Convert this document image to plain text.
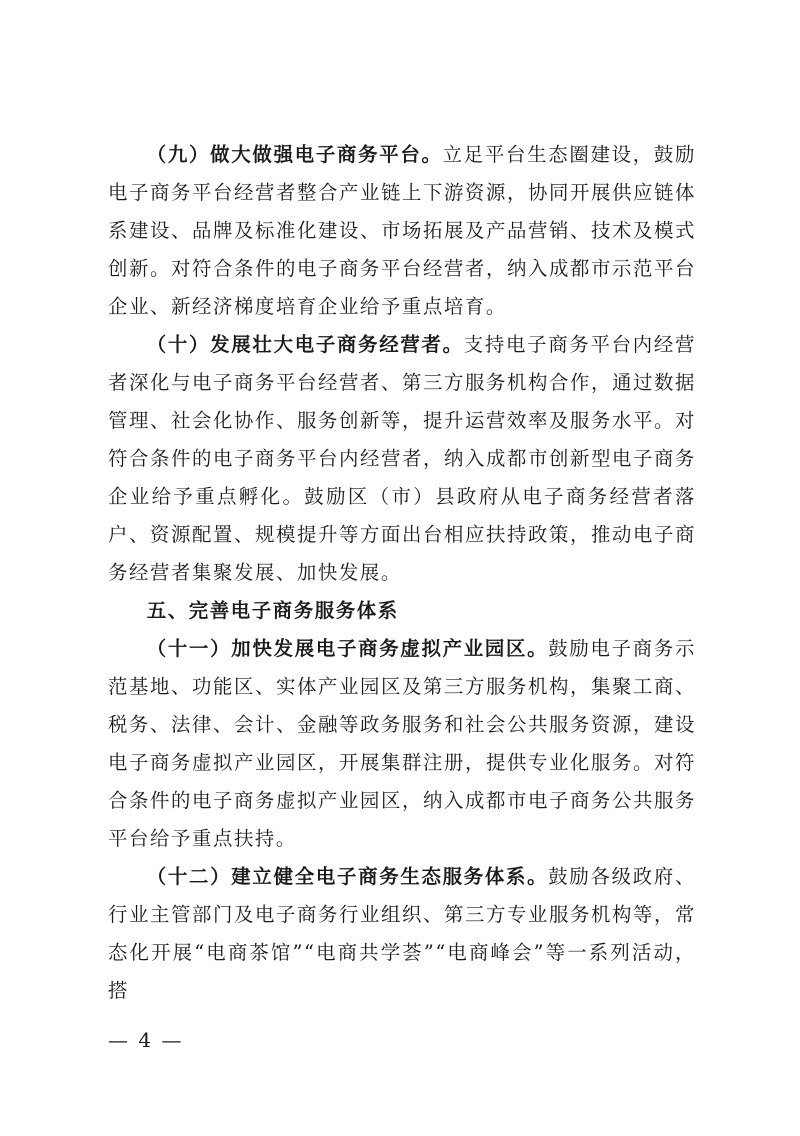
（九）做大做强电子商务平台。立足平台生态圈建设，鼓励电子商务平台经营者整合产业链上下游资源，协同开展供应链体系建设、品牌及标准化建设、市场拓展及产品营销、技术及模式创新。对符合条件的电子商务平台经营者，纳入成都市示范平台企业、新经济梯度培育企业给予重点培育。

（十）发展壮大电子商务经营者。支持电子商务平台内经营者深化与电子商务平台经营者、第三方服务机构合作，通过数据管理、社会化协作、服务创新等，提升运营效率及服务水平。对符合条件的电子商务平台内经营者，纳入成都市创新型电子商务企业给予重点孵化。鼓励区（市）县政府从电子商务经营者落户、资源配置、规模提升等方面出台相应扶持政策，推动电子商务经营者集聚发展、加快发展。

五、完善电子商务服务体系

（十一）加快发展电子商务虚拟产业园区。鼓励电子商务示范基地、功能区、实体产业园区及第三方服务机构，集聚工商、税务、法律、会计、金融等政务服务和社会公共服务资源，建设电子商务虚拟产业园区，开展集群注册，提供专业化服务。对符合条件的电子商务虚拟产业园区，纳入成都市电子商务公共服务平台给予重点扶持。

（十二）建立健全电子商务生态服务体系。鼓励各级政府、行业主管部门及电子商务行业组织、第三方专业服务机构等，常态化开展“电商茶馆”“电商共学荟”“电商峰会”等一系列活动，搭

— 4 —
